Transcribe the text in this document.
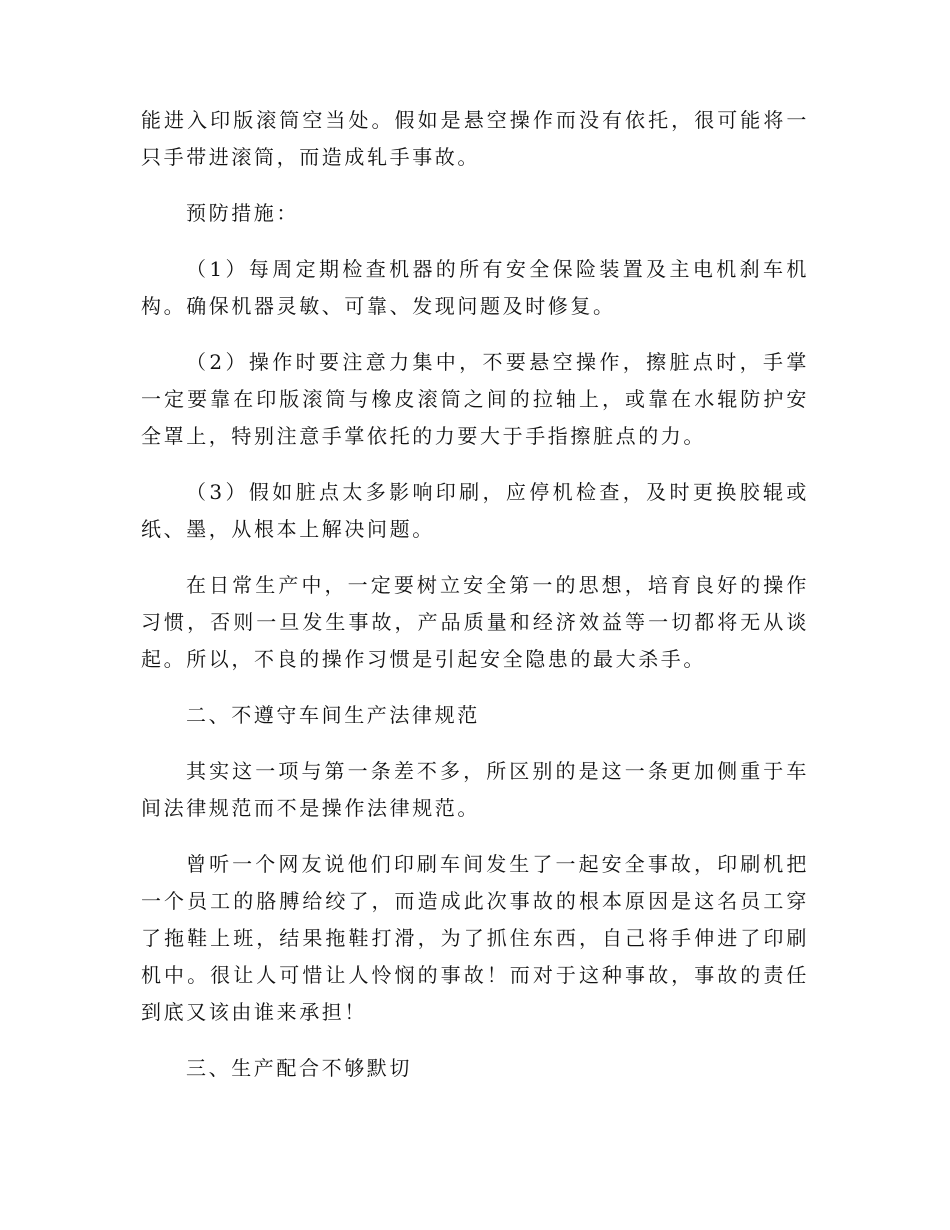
能进入印版滚筒空当处。假如是悬空操作而没有依托，很可能将一只手带进滚筒，而造成轧手事故。

预防措施：

（1）每周定期检查机器的所有安全保险装置及主电机刹车机构。确保机器灵敏、可靠、发现问题及时修复。

（2）操作时要注意力集中，不要悬空操作，擦脏点时，手掌一定要靠在印版滚筒与橡皮滚筒之间的拉轴上，或靠在水辊防护安全罩上，特别注意手掌依托的力要大于手指擦脏点的力。

（3）假如脏点太多影响印刷，应停机检查，及时更换胶辊或纸、墨，从根本上解决问题。

在日常生产中，一定要树立安全第一的思想，培育良好的操作习惯，否则一旦发生事故，产品质量和经济效益等一切都将无从谈起。所以，不良的操作习惯是引起安全隐患的最大杀手。

二、不遵守车间生产法律规范

其实这一项与第一条差不多，所区别的是这一条更加侧重于车间法律规范而不是操作法律规范。

曾听一个网友说他们印刷车间发生了一起安全事故，印刷机把一个员工的胳膊给绞了，而造成此次事故的根本原因是这名员工穿了拖鞋上班，结果拖鞋打滑，为了抓住东西，自己将手伸进了印刷机中。很让人可惜让人怜悯的事故！而对于这种事故，事故的责任到底又该由谁来承担！

三、生产配合不够默切
